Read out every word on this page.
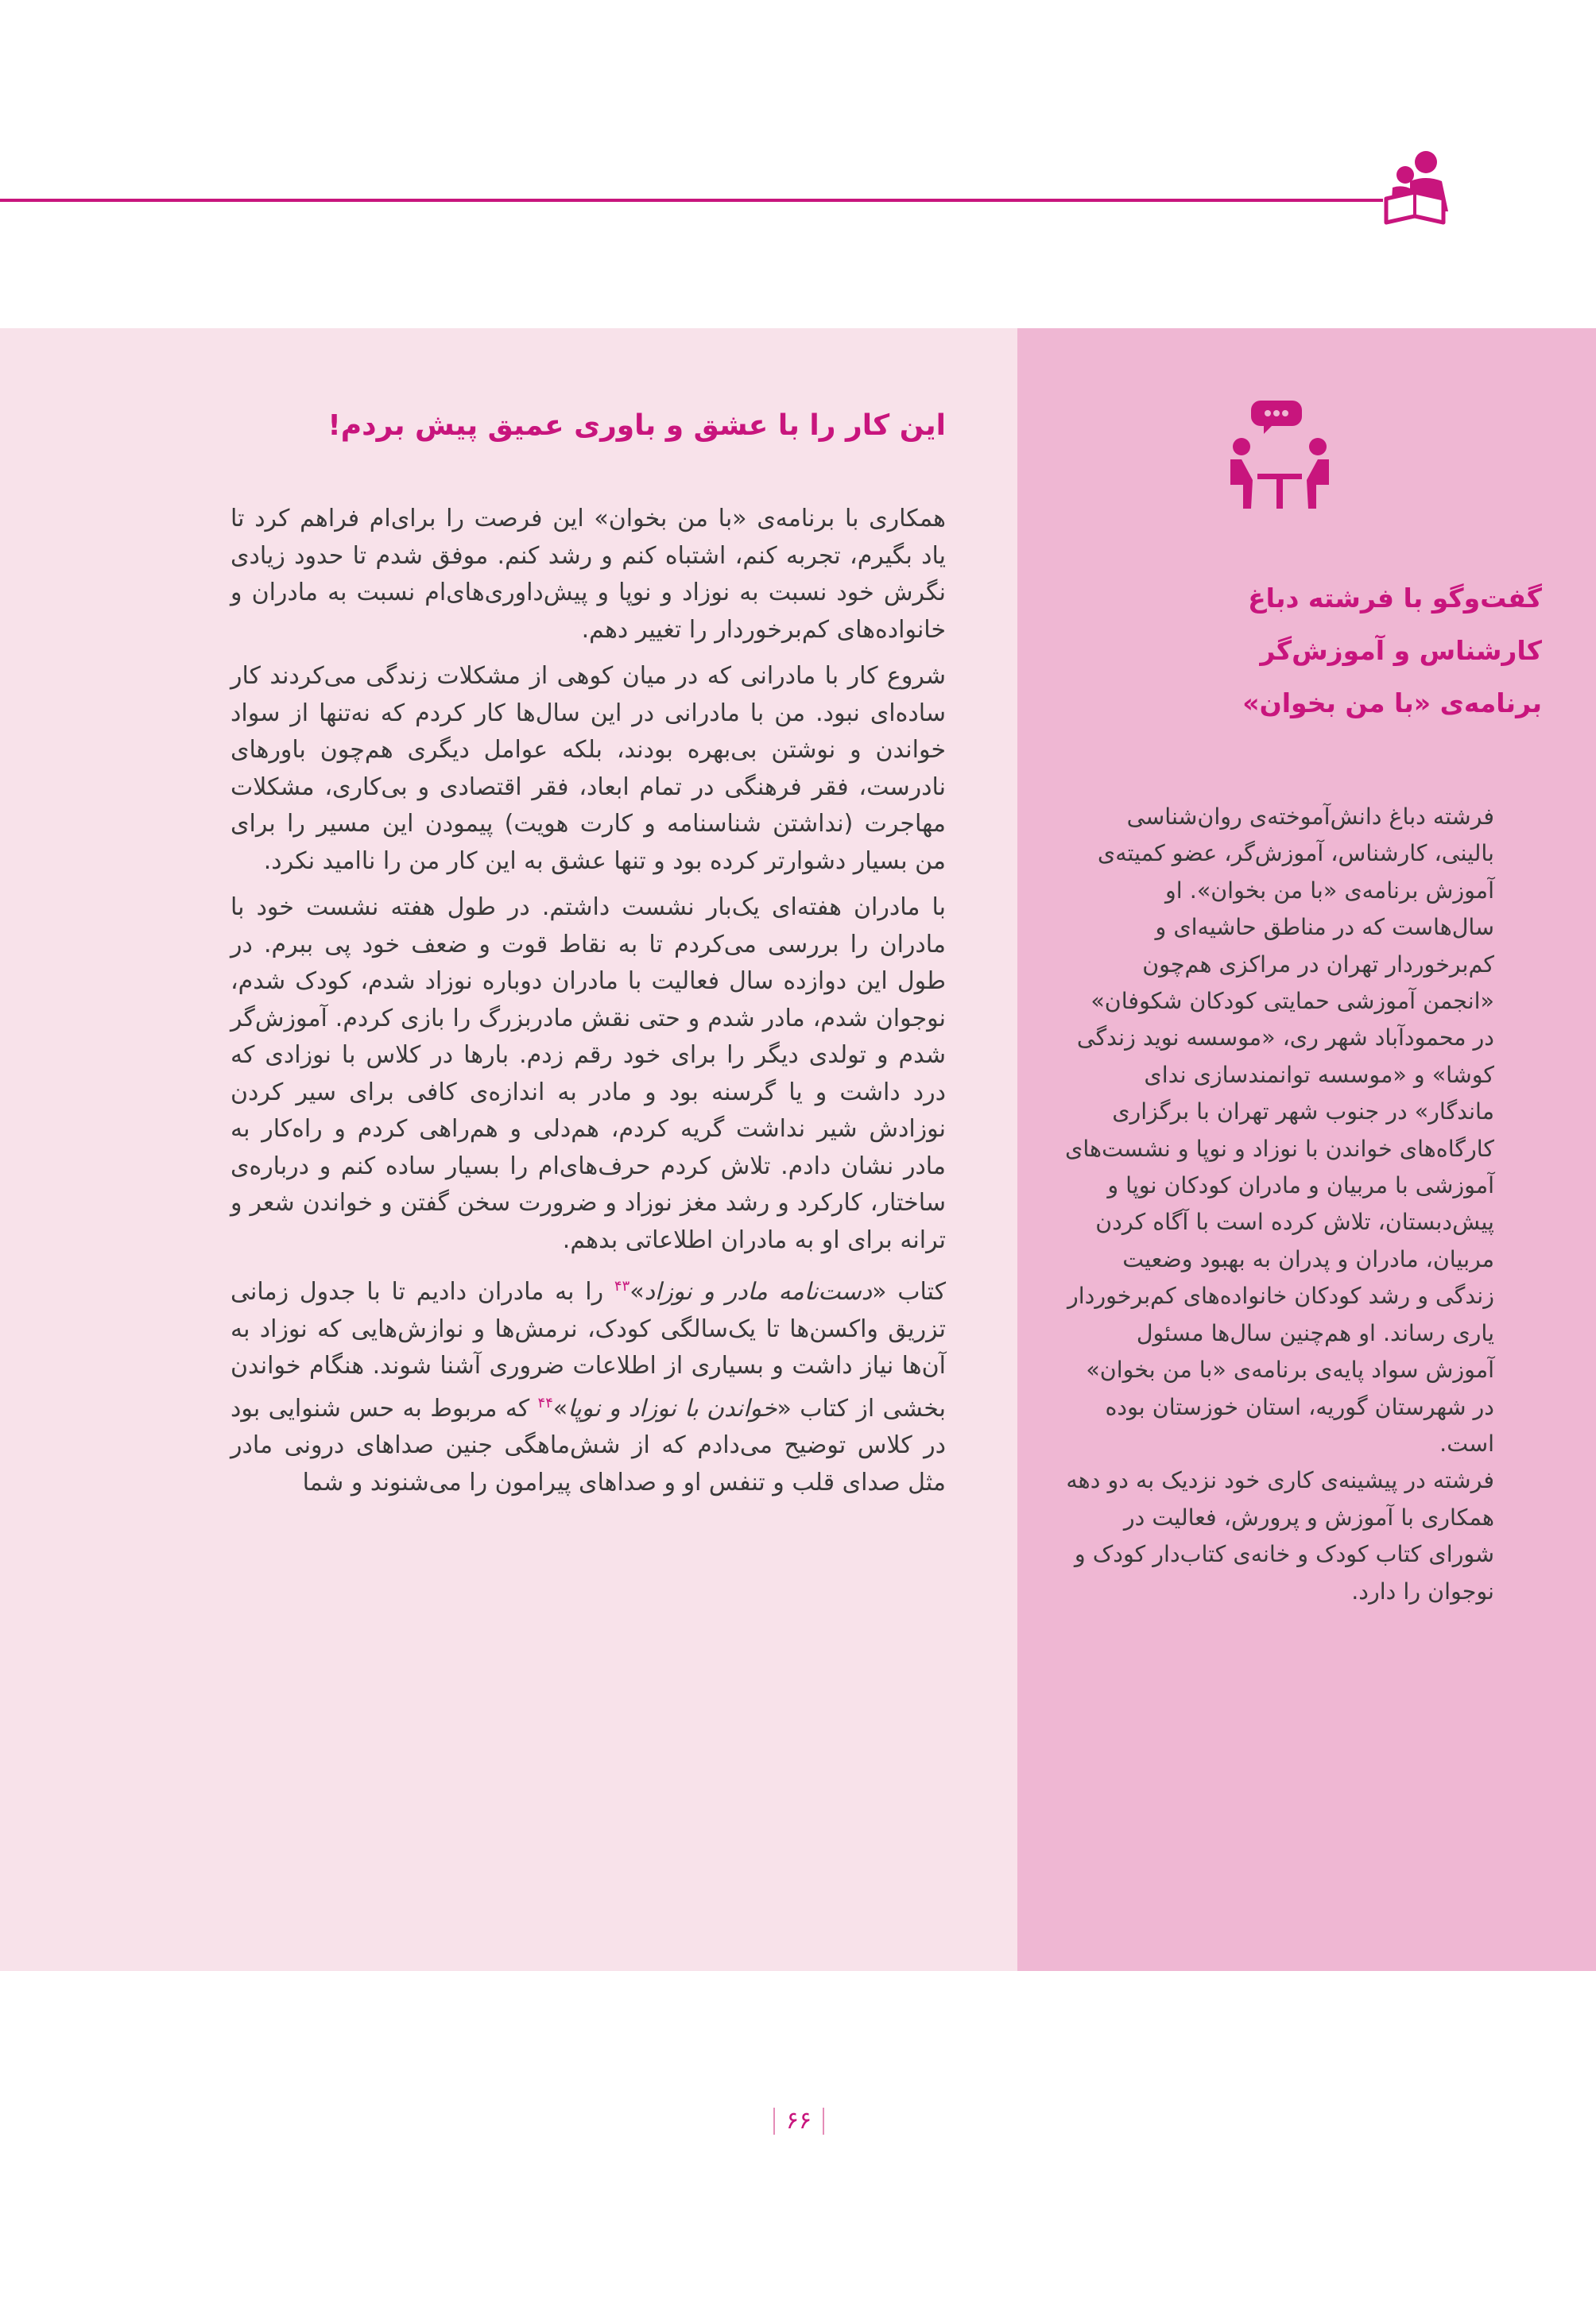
این کار را با عشق و باوری عمیق پیش بردم!

همکاری با برنامه‌ی «با من بخوان» این فرصت را برای‌ام فراهم کرد تا یاد بگیرم، تجربه کنم، اشتباه کنم و رشد کنم. موفق شدم تا حدود زیادی نگرش خود نسبت به نوزاد و نوپا و پیش‌داوری‌های‌ام نسبت به مادران و خانواده‌های کم‌برخوردار را تغییر دهم.

شروع کار با مادرانی که در میان کوهی از مشکلات زندگی می‌کردند کار ساده‌ای نبود. من با مادرانی در این سال‌ها کار کردم که نه‌تنها از سواد خواندن و نوشتن بی‌بهره بودند، بلکه عوامل دیگری هم‌چون باورهای نادرست، فقر فرهنگی در تمام ابعاد، فقر اقتصادی و بی‌کاری، مشکلات مهاجرت (نداشتن شناسنامه و کارت هویت) پیمودن این مسیر را برای من بسیار دشوارتر کرده بود و تنها عشق به این کار من را ناامید نکرد.

با مادران هفته‌ای یک‌بار نشست داشتم. در طول هفته نشست خود با مادران را بررسی می‌کردم تا به نقاط قوت و ضعف خود پی ببرم. در طول این دوازده سال فعالیت با مادران دوباره نوزاد شدم، کودک شدم، نوجوان شدم، مادر شدم و حتی نقش مادربزرگ را بازی کردم. آموزش‌گر شدم و تولدی دیگر را برای خود رقم زدم. بارها در کلاس با نوزادی که درد داشت و یا گرسنه بود و مادر به اندازه‌ی کافی برای سیر کردن نوزادش شیر نداشت گریه کردم، هم‌دلی و هم‌راهی کردم و راه‌کار به مادر نشان دادم. تلاش کردم حرف‌های‌ام را بسیار ساده کنم و درباره‌ی ساختار، کارکرد و رشد مغز نوزاد و ضرورت سخن گفتن و خواندن شعر و ترانه برای او به مادران اطلاعاتی بدهم.

کتاب «دست‌نامه مادر و نوزاد»$^{۴۳}$ را به مادران دادیم تا با جدول زمانی تزریق واکسن‌ها تا یک‌سالگی کودک، نرمش‌ها و نوازش‌هایی که نوزاد به آن‌ها نیاز داشت و بسیاری از اطلاعات ضروری آشنا شوند. هنگام خواندن بخشی از کتاب «خواندن با نوزاد و نوپا»$^{۴۴}$ که مربوط به حس شنوایی بود در کلاس توضیح می‌دادم که از شش‌ماهگی جنین صداهای درونی مادر مثل صدای قلب و تنفس او و صداهای پیرامون را می‌شنوند و شما

گفت‌وگو با فرشته دباغ
کارشناس و آموزش‌گر
برنامه‌ی «با من بخوان»

فرشته دباغ دانش‌آموخته‌ی روان‌شناسی بالینی، کارشناس، آموزش‌گر، عضو کمیته‌ی آموزش برنامه‌ی «با من بخوان». او سال‌هاست که در مناطق حاشیه‌ای و کم‌برخوردار تهران در مراکزی هم‌چون «انجمن آموزشی حمایتی کودکان شکوفان» در محمودآباد شهر ری، «موسسه نوید زندگی کوشا» و «موسسه توانمندسازی ندای ماندگار» در جنوب شهر تهران با برگزاری کارگاه‌های خواندن با نوزاد و نوپا و نشست‌های آموزشی با مربیان و مادران کودکان نوپا و پیش‌دبستان، تلاش کرده است با آگاه کردن مربیان، مادران و پدران به بهبود وضعیت زندگی و رشد کودکان خانواده‌های کم‌برخوردار یاری رساند. او هم‌چنین سال‌ها مسئول آموزش سواد پایه‌ی برنامه‌ی «با من بخوان» در شهرستان گوریه، استان خوزستان بوده است.

فرشته در پیشینه‌ی کاری خود نزدیک به دو دهه همکاری با آموزش و پرورش، فعالیت در شورای کتاب کودک و خانه‌ی کتاب‌دار کودک و نوجوان را دارد.

۶۶
